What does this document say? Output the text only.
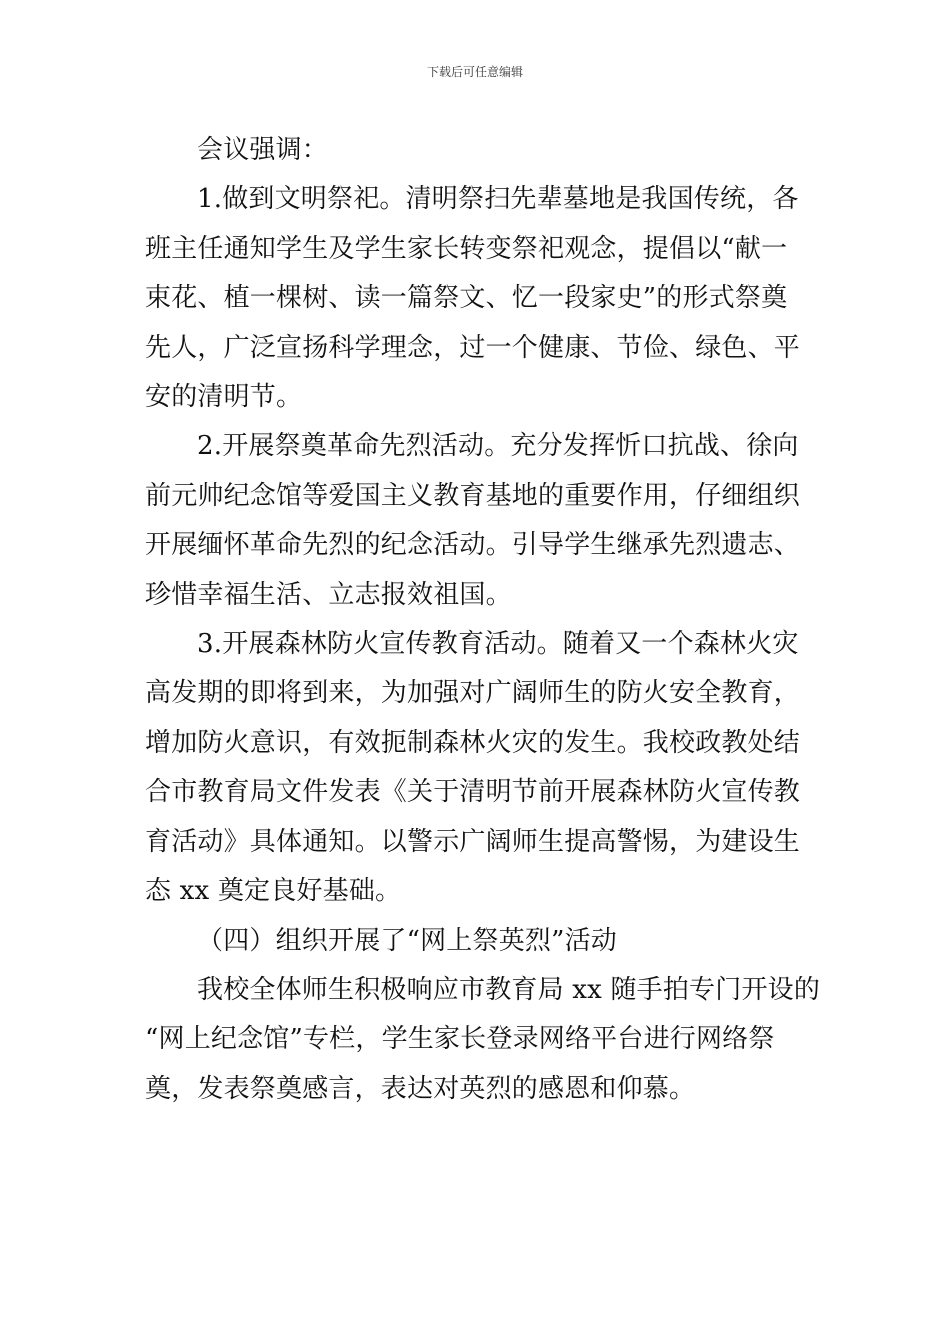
下载后可任意编辑

会议强调：

1.做到文明祭祀。清明祭扫先辈墓地是我国传统，各
班主任通知学生及学生家长转变祭祀观念，提倡以“献一
束花、植一棵树、读一篇祭文、忆一段家史”的形式祭奠
先人，广泛宣扬科学理念，过一个健康、节俭、绿色、平
安的清明节。

2.开展祭奠革命先烈活动。充分发挥忻口抗战、徐向
前元帅纪念馆等爱国主义教育基地的重要作用，仔细组织
开展缅怀革命先烈的纪念活动。引导学生继承先烈遗志、
珍惜幸福生活、立志报效祖国。

3.开展森林防火宣传教育活动。随着又一个森林火灾
高发期的即将到来，为加强对广阔师生的防火安全教育，
增加防火意识，有效扼制森林火灾的发生。我校政教处结
合市教育局文件发表《关于清明节前开展森林防火宣传教
育活动》具体通知。以警示广阔师生提高警惕，为建设生
态 xx 奠定良好基础。

（四）组织开展了“网上祭英烈”活动

我校全体师生积极响应市教育局 xx 随手拍专门开设的
“网上纪念馆”专栏，学生家长登录网络平台进行网络祭
奠，发表祭奠感言，表达对英烈的感恩和仰慕。
